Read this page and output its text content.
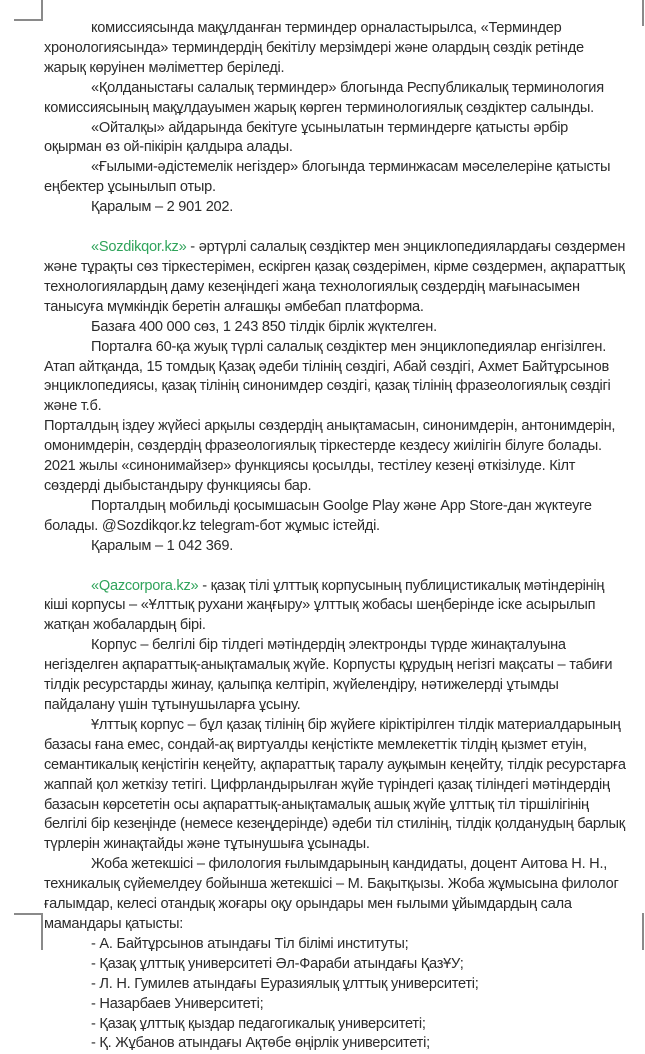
комиссиясында мақұлданған терминдер орналастырылса, «Терминдер хронологиясында» терминдердің бекітілу мерзімдері және олардың сөздік ретінде жарық көруінен мәліметтер беріледі.

«Қолданыстағы салалық терминдер» блогында Республикалық терминология комиссиясының мақұлдауымен жарық көрген терминологиялық сөздіктер салынды.

«Ойталқы» айдарында бекітуге ұсынылатын терминдерге қатысты әрбір оқырман өз ой-пікірін қалдыра алады.

«Ғылыми-әдістемелік негіздер» блогында терминжасам мәселелеріне қатысты еңбектер ұсынылып отыр.

Қаралым – 2 901 202.

«Sozdikqor.kz» - әртүрлі салалық сөздіктер мен энциклопедиялардағы сөздермен және тұрақты сөз тіркестерімен, ескірген қазақ сөздерімен, кірме сөздермен, ақпараттық технологиялардың даму кезеңіндегі жаңа технологиялық сөздердің мағынасымен танысуға мүмкіндік беретін алғашқы әмбебап платформа.

Базаға 400 000 сөз, 1 243 850 тілдік бірлік жүктелген.

Порталға 60-қа жуық түрлі салалық сөздіктер мен энциклопедиялар енгізілген. Атап айтқанда, 15 томдық Қазақ әдеби тілінің сөздігі, Абай сөздігі, Ахмет Байтұрсынов энциклопедиясы, қазақ тілінің синонимдер сөздігі, қазақ тілінің фразеологиялық сөздігі және т.б.

Порталдың іздеу жүйесі арқылы сөздердің анықтамасын, синонимдерін, антонимдерін, омонимдерін, сөздердің фразеологиялық тіркестерде кездесу жиілігін білуге болады. 2021 жылы «синонимайзер» функциясы қосылды, тестілеу кезеңі өткізілуде. Кілт сөздерді дыбыстандыру функциясы бар.

Порталдың мобильді қосымшасын Goolge Play және App Store-дан жүктеуге болады. @Sozdikqor.kz telegram-бот жұмыс істейді.

Қаралым – 1 042 369.

«Qazcorpora.kz» - қазақ тілі ұлттық корпусының публицистикалық мәтіндерінің кіші корпусы – «Ұлттық рухани жаңғыру» ұлттық жобасы шеңберінде іске асырылып жатқан жобалардың бірі.

Корпус – белгілі бір тілдегі мәтіндердің электронды түрде жинақталуына негізделген ақпараттық-анықтамалық жүйе. Корпусты құрудың негізгі мақсаты – табиғи тілдік ресурстарды жинау, қалыпқа келтіріп, жүйелендіру, нәтижелерді ұтымды пайдалану үшін тұтынушыларға ұсыну.

Ұлттық корпус – бұл қазақ тілінің бір жүйеге кіріктірілген тілдік материалдарының базасы ғана емес, сондай-ақ виртуалды кеңістікте мемлекеттік тілдің қызмет етуін, семантикалық кеңістігін кеңейту, ақпараттық таралу ауқымын кеңейту, тілдік ресурстарға жаппай қол жеткізу тетігі. Цифрландырылған жүйе түріндегі қазақ тіліндегі мәтіндердің базасын көрсететін осы ақпараттық-анықтамалық ашық жүйе ұлттық тіл тіршілігінің белгілі бір кезеңінде (немесе кезеңдерінде) әдеби тіл стилінің, тілдік қолданудың барлық түрлерін жинақтайды және тұтынушыға ұсынады.

Жоба жетекшісі – филология ғылымдарының кандидаты, доцент Аитова Н. Н., техникалық сүйемелдеу бойынша жетекшісі – М. Бақытқызы. Жоба жұмысына филолог ғалымдар, келесі отандық жоғары оқу орындары мен ғылыми ұйымдардың сала мамандары қатысты:

- А. Байтұрсынов атындағы Тіл білімі институты;
- Қазақ ұлттық университеті Әл-Фараби атындағы ҚазҰУ;
- Л. Н. Гумилев атындағы Еуразиялық ұлттық университеті;
- Назарбаев Университеті;
- Қазақ ұлттық қыздар педагогикалық университеті;
- Қ. Жұбанов атындағы Ақтөбе өңірлік университеті;
